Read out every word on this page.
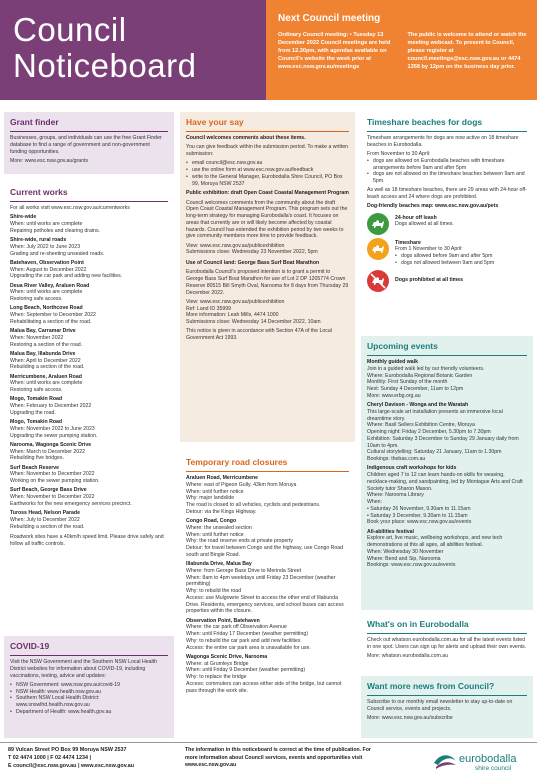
Council
Noticeboard
Next Council meeting
Ordinary Council meeting: • Tuesday 13 December 2022 Council meetings are held from 12.30pm, with agendas available on Council's website the week prior at www.esc.nsw.gov.au/meetings
The public is welcome to attend or watch the meeting webcast. To present to Council, please register at council.meetings@esc.nsw.gov.au or 4474 1358 by 12pm on the business day prior.
Grant finder

Businesses, groups, and individuals can use the free Grant Finder database to find a range of government and non-government funding opportunities.

More: www.esc.nsw.gov.au/grants

Current works

For all works visit www.esc.nsw.gov.au/currentworks

Shire-wide
When: until works are complete
Repairing potholes and clearing drains.
Shire-wide, rural roads
When: July 2022 to June 2023
Grading and re-sheeting unsealed roads.
Batehaven, Observation Point
When: August to December 2022
Upgrading the car park and adding new facilities.
Deua River Valley, Araluen Road
When: until works are complete
Restoring safe access.
Long Beach, Northcove Road
When: September to December 2022
Rehabilitating a section of the road.
Malua Bay, Carramar Drive
When: November 2022
Restoring a section of the road.
Malua Bay, Illabunda Drive
When: April to December 2022
Rebuilding a section of the road.
Merricumbene, Araluen Road
When: until works are complete
Restoring safe access.
Mogo, Tomakin Road
When: February to December 2022
Upgrading the road.
Mogo, Tomakin Road
When: November 2022 to June 2023
Upgrading the sewer pumping station.
Narooma, Wagonga Scenic Drive
When: March to December 2022
Rebuilding five bridges.
Surf Beach Reserve
When: November to December 2022
Working on the sewer pumping station.
Surf Beach, George Bass Drive
When: November to December 2022
Earthworks for the new emergency services precinct.
Tuross Head, Nelson Parade
When: July to December 2022
Rebuilding a section of the road.

Roadwork sites have a 40km/h speed limit. Please drive safely and follow all traffic controls.

COVID-19

Visit the NSW Government and the Southern NSW Local Health District websites for information about COVID-19, including vaccinations, testing, advice and updates:

• NSW Government: www.nsw.gov.au/covid-19
• NSW Health: www.health.nsw.gov.au
• Southern NSW Local Health District: www.snswlhd.health.nsw.gov.au
• Department of Health: www.health.gov.au
Have your say

Council welcomes comments about these items.

You can give feedback within the submission period. To make a written submission:

• email council@esc.nsw.gov.au
• use the online form at www.esc.nsw.gov.au/feedback
• write to the General Manager, Eurobodalla Shire Council, PO Box 99, Moruya NSW 2537

Public exhibition: draft Open Coast Coastal Management Program

Council welcomes comments from the community about the draft Open Coast Coastal Management Program. This program sets out the long-term strategy for managing Eurobodalla's coast. It focuses on areas that currently are or will likely become affected by coastal hazards. Council has extended the exhibition period by two weeks to give community members more time to provide feedback.

View: www.esc.nsw.gov.au/publicexhibition

Submissions close: Wednesday 23 November 2022, 5pm

Use of Council land: George Bass Surf Boat Marathon

Eurobodalla Council's proposed intention is to grant a permit to George Bass Surf Boat Marathon for use of Lot 2 DP 1205774 Crown Reserve 80515 Bill Smyth Oval, Narooma for 8 days from Thursday 29 December 2022.

View: www.esc.nsw.gov.au/publicexhibition

Ref: Land ID 35999

More information: Leah Mills, 4474 1000

Submissions close: Wednesday 14 December 2022, 10am

This notice is given in accordance with Section 47A of the Local Government Act 1993.

Temporary road closures
Araluen Road, Merricumbene
Where: east of Pigeon Gully, 43km from Moruya
When: until further notice
Why: major landslide
The road is closed to all vehicles, cyclists and pedestrians.
Detour: via the Kings Highway.
Congo Road, Congo
Where: the unsealed section
When: until further notice
Why: the road reserve ends at private property
Detour: for travel between Congo and the highway, use Congo Road south and Bingie Road.
Illabunda Drive, Malua Bay
Where: from George Bass Drive to Merinda Street
When: 8am to 4pm weekdays until Friday 23 December (weather permitting)
Why: to rebuild the road
Access: use Mulgowrie Street to access the other end of Illabunda Drive. Residents, emergency services, and school buses can access properties within the closure.
Observation Point, Batehaven
Where: the car park off Observation Avenue
When: until Friday 17 December (weather permitting)
Why: to rebuild the car park and add new facilities
Access: the entire car park area is unavailable for use.
Wagonga Scenic Drive, Narooma
Where: at Grumleys Bridge
When: until Friday 9 December (weather permitting)
Why: to replace the bridge
Access: commuters can access either side of the bridge, but cannot pass through the work site.
Timeshare beaches for dogs

Timeshare arrangements for dogs are now active on 18 timeshare beaches in Eurobodalla.

From November to 30 April:

• dogs are allowed on Eurobodalla beaches with timeshare arrangements before 9am and after 5pm
• dogs are not allowed on the timeshare beaches between 9am and 5pm.

As well as 18 timeshare beaches, there are 29 areas with 24-hour off-leash access and 24 where dogs are prohibited.

Dog-friendly beaches map: www.esc.nsw.gov.au/pets

24-hour off leash
Dogs allowed at all times.
Timeshare
From 1 November to 30 April:
• dogs allowed before 9am and after 5pm
• dogs not allowed between 9am and 5pm
Dogs prohibited at all times
Upcoming events
Monthly guided walk
Join in a guided walk led by our friendly volunteers.
Where: Eurobodalla Regional Botanic Garden
Monthly: First Sunday of the month
Next: Sunday 4 December, 11am to 12pm
More: www.erbg.org.au
Cheryl Davison - Wonga and the Waratah
This large-scale art installation presents an immersive local dreamtime story.
Where: Basil Sellers Exhibition Centre, Moruya
Opening night: Friday 2 December, 5.30pm to 7.30pm
Exhibition: Saturday 3 December to Sunday 29 January daily from 10am to 4pm.
Cultural storytelling: Saturday 21 January, 11am to 1.30pm
Bookings: thebas.com.au
Indigenous craft workshops for kids
Children aged 7 to 12 can learn hands-on skills for weaving, necklace-making, and sandpainting, led by Montague Arts and Craft Society tutor Sharon Mason.
Where: Narooma Library
When:
• Saturday 26 November, 9.30am to 11.15am
• Saturday 3 December, 9.30am to 11.15am
Book your place: www.esc.nsw.gov.au/events
All-abilities festival
Explore art, live music, wellbeing workshops, and new tech demonstrations at this all ages, all abilities festival.
When: Wednesday 30 November
Where: Bend and Sip, Narooma
Bookings: www.esc.nsw.gov.au/events
What's on in Eurobodalla

Check out whatson.eurobodalla.com.au for all the latest events listed in one spot. Users can sign up for alerts and upload their own events.

More: whatson.eurobodalla.com.au

Want more news from Council?

Subscribe to our monthly email newsletter to stay up-to-date on Council service, events and projects.

More: www.esc.nsw.gov.au/subscribe

89 Vulcan Street PO Box 99 Moruya NSW 2537
T 02 4474 1000 | F 02 4474 1234 |
E council@esc.nsw.gov.au | www.esc.nsw.gov.au
The information in this noticeboard is correct at the time of publication. For more information about Council services, events and opportunities visit www.esc.nsw.gov.au
eurobodalla
shire council
